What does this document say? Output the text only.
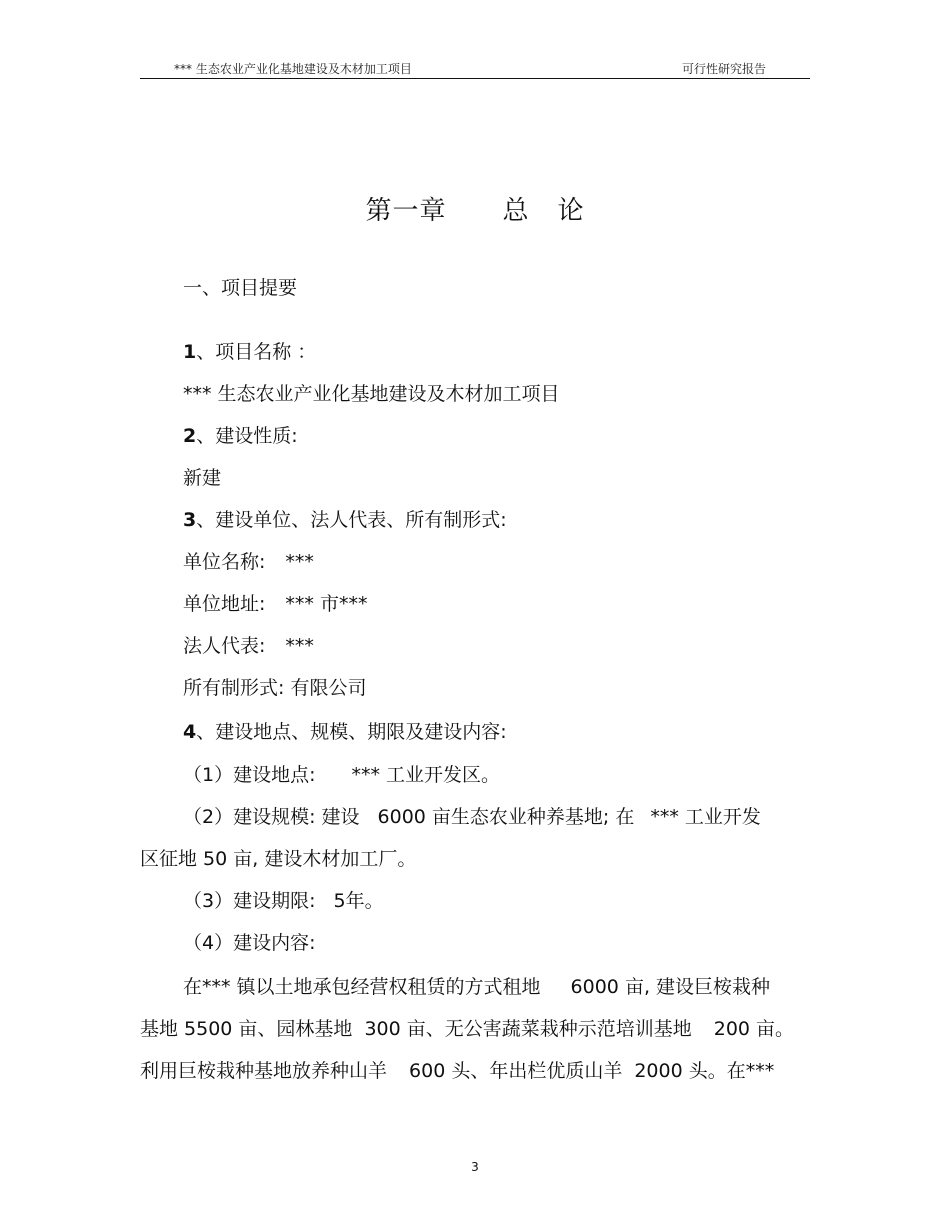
*** 生态农业产业化基地建设及木材加工项目	可行性研究报告
第一章 总 论
一、项目提要
1、项目名称 ：
*** 生态农业产业化基地建设及木材加工项目
2、建设性质:
新建
3、建设单位、法人代表、所有制形式:
单位名称: ***
单位地址: *** 市***
法人代表: ***
所有制形式: 有限公司
4、建设地点、规模、期限及建设内容:
（1）建设地点: *** 工业开发区。
（2）建设规模: 建设 6000 亩生态农业种养基地; 在 *** 工业开发
区征地 50 亩, 建设木材加工厂。
（3）建设期限: 5年。
（4）建设内容:
在*** 镇以土地承包经营权租赁的方式租地 6000 亩, 建设巨桉栽种
基地 5500 亩、园林基地 300 亩、无公害蔬菜栽种示范培训基地 200 亩。
利用巨桉栽种基地放养种山羊 600 头、年出栏优质山羊 2000 头。在***
3
